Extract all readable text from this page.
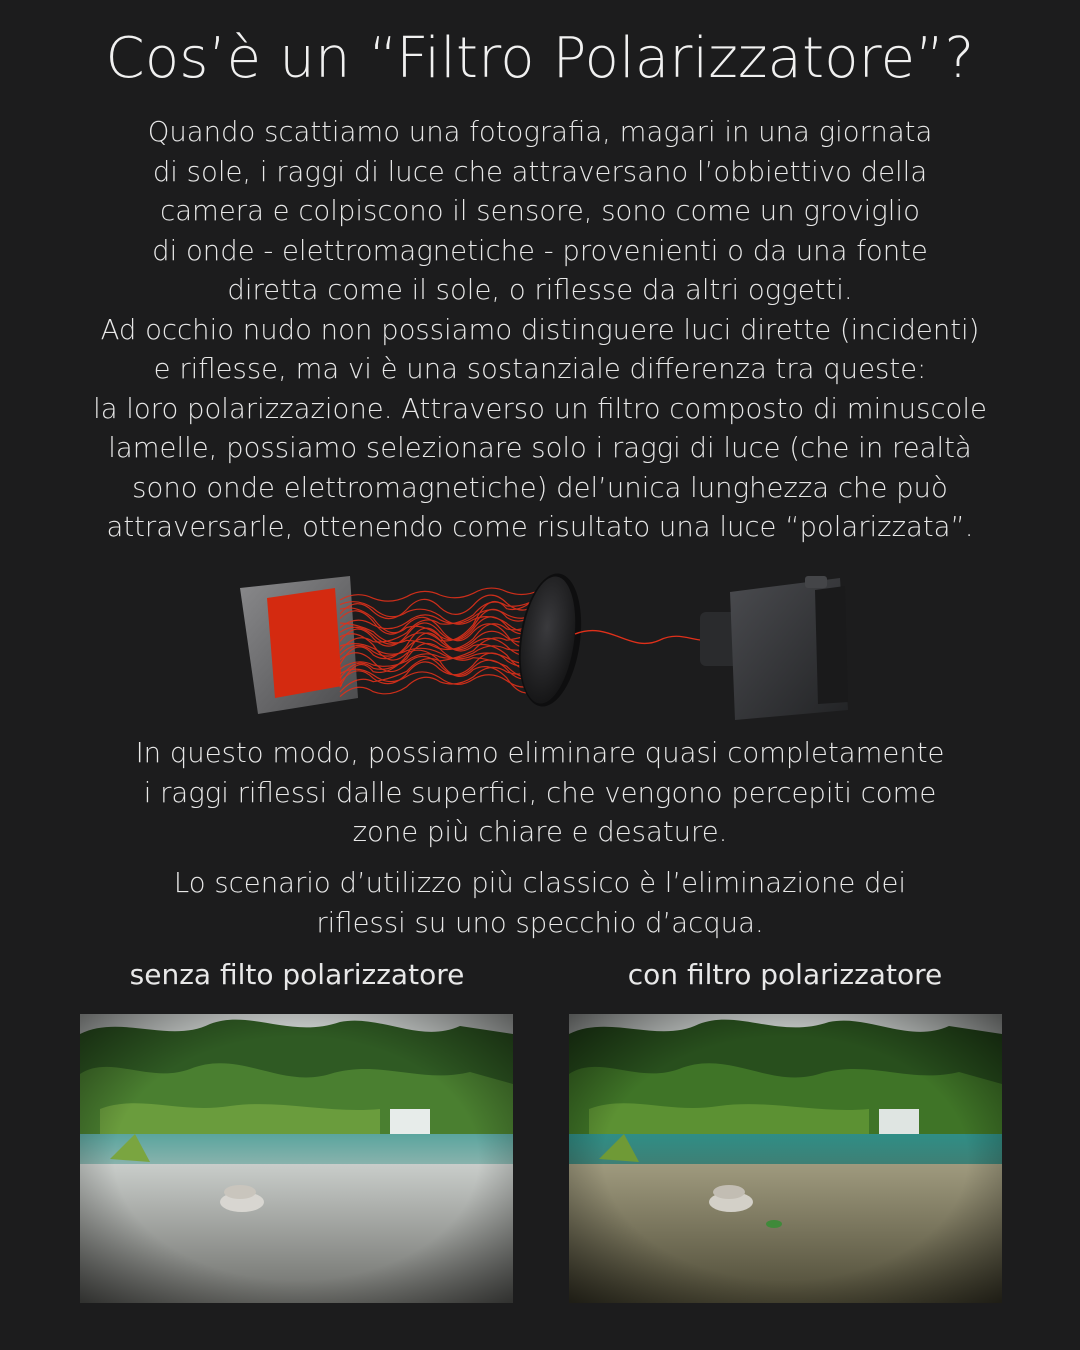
Cos’è un “Filtro Polarizzatore”?
Quando scattiamo una fotografia, magari in una giornata
di sole, i raggi di luce che attraversano l’obbiettivo della
camera e colpiscono il sensore, sono come un groviglio
di onde - elettromagnetiche - provenienti o da una fonte
diretta come il sole, o riflesse da altri oggetti.
Ad occhio nudo non possiamo distinguere luci dirette (incidenti)
e riflesse, ma vi è una sostanziale differenza tra queste:
la loro polarizzazione. Attraverso un filtro composto di minuscole
lamelle, possiamo selezionare solo i raggi di luce (che in realtà
sono onde elettromagnetiche) del’unica lunghezza che può
attraversarle, ottenendo come risultato una luce “polarizzata”.
In questo modo, possiamo eliminare quasi completamente
i raggi riflessi dalle superfici, che vengono percepiti come
zone più chiare e desature.
Lo scenario d’utilizzo più classico è l’eliminazione dei
riflessi su uno specchio d’acqua.
senza filto polarizzatore	con filtro polarizzatore
